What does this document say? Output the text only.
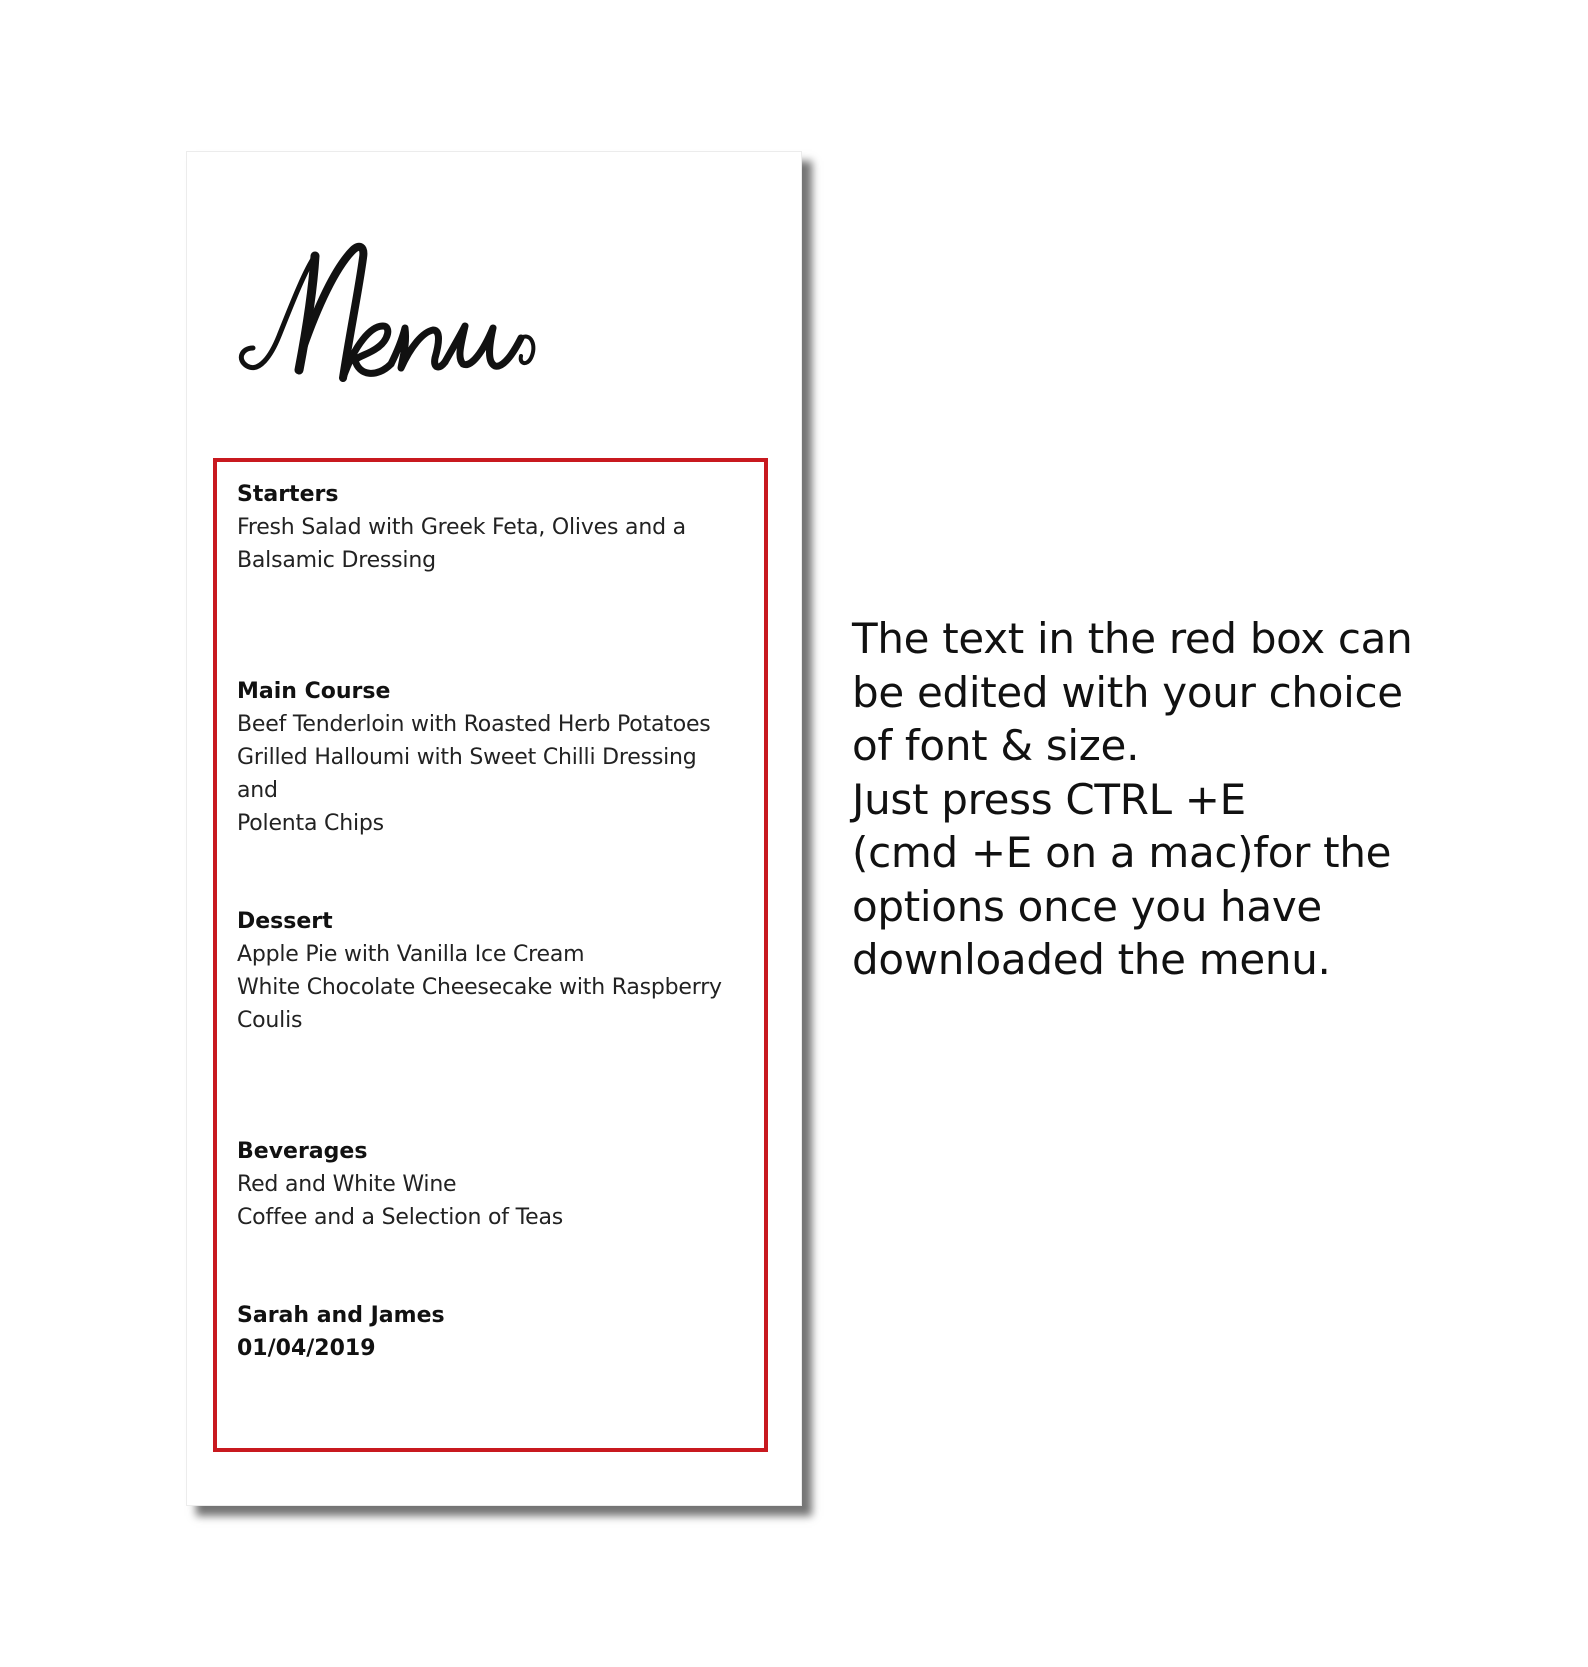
Starters
Fresh Salad with Greek Feta, Olives and a
Balsamic Dressing
Main Course
Beef Tenderloin with Roasted Herb Potatoes
Grilled Halloumi with Sweet Chilli Dressing and
Polenta Chips
Dessert
Apple Pie with Vanilla Ice Cream
White Chocolate Cheesecake with Raspberry
Coulis
Beverages
Red and White Wine
Coffee and a Selection of Teas
Sarah and James
01/04/2019
The text in the red box can
be edited with your choice
of font & size.
Just press CTRL +E
(cmd +E on a mac)for the
options once you have
downloaded the menu.
